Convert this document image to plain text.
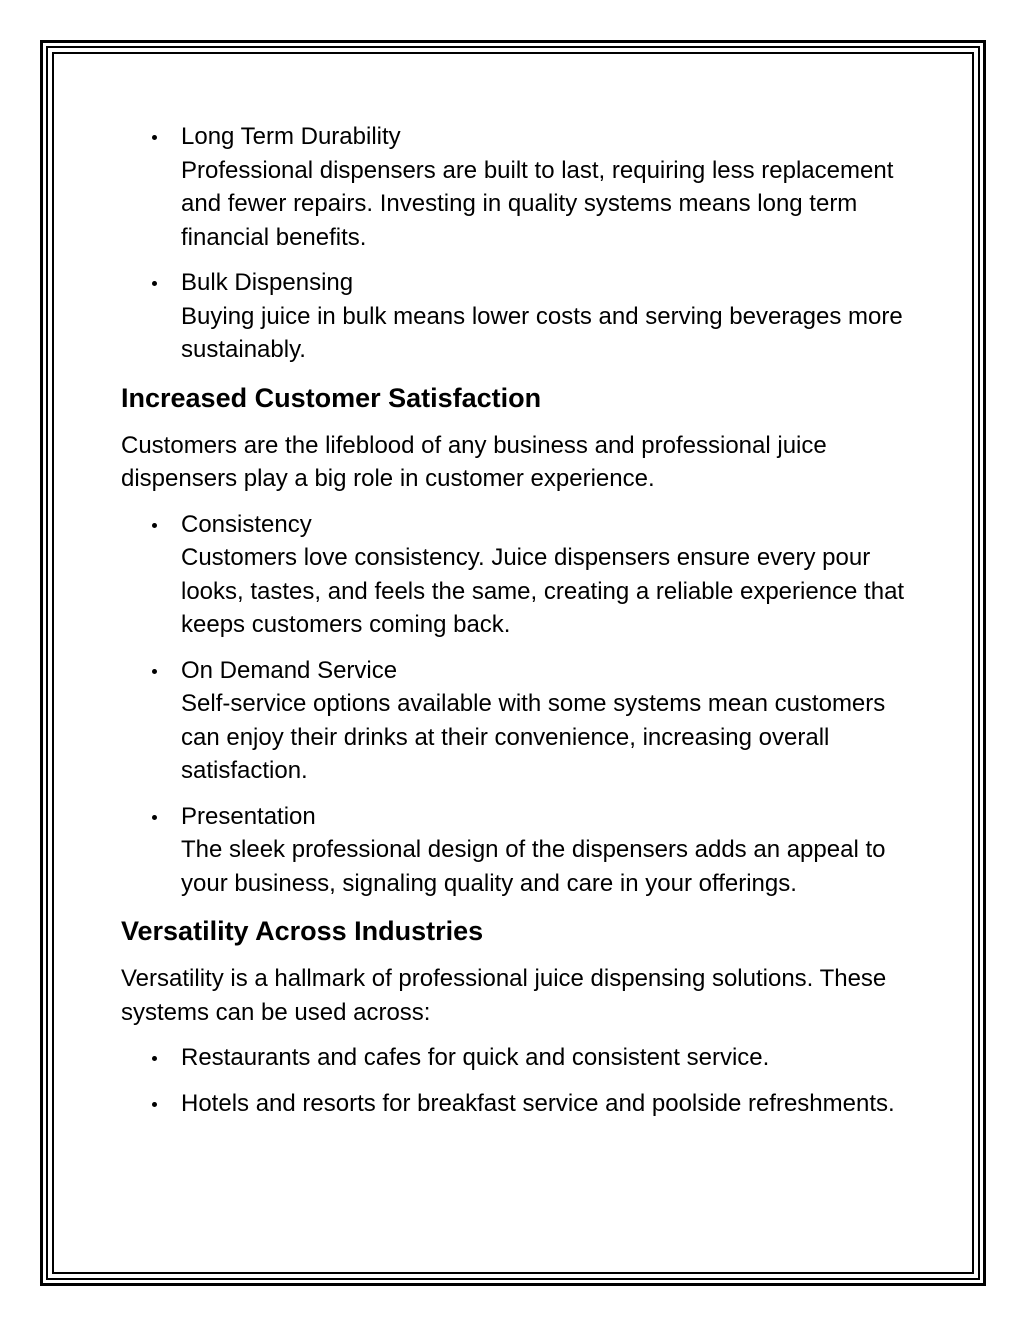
Long Term Durability
Professional dispensers are built to last, requiring less replacement and fewer repairs. Investing in quality systems means long term financial benefits.
Bulk Dispensing
Buying juice in bulk means lower costs and serving beverages more sustainably.
Increased Customer Satisfaction

Customers are the lifeblood of any business and professional juice dispensers play a big role in customer experience.

Consistency
Customers love consistency. Juice dispensers ensure every pour looks, tastes, and feels the same, creating a reliable experience that keeps customers coming back.
On Demand Service
Self-service options available with some systems mean customers can enjoy their drinks at their convenience, increasing overall satisfaction.
Presentation
The sleek professional design of the dispensers adds an appeal to your business, signaling quality and care in your offerings.
Versatility Across Industries

Versatility is a hallmark of professional juice dispensing solutions. These systems can be used across:

Restaurants and cafes for quick and consistent service.
Hotels and resorts for breakfast service and poolside refreshments.
